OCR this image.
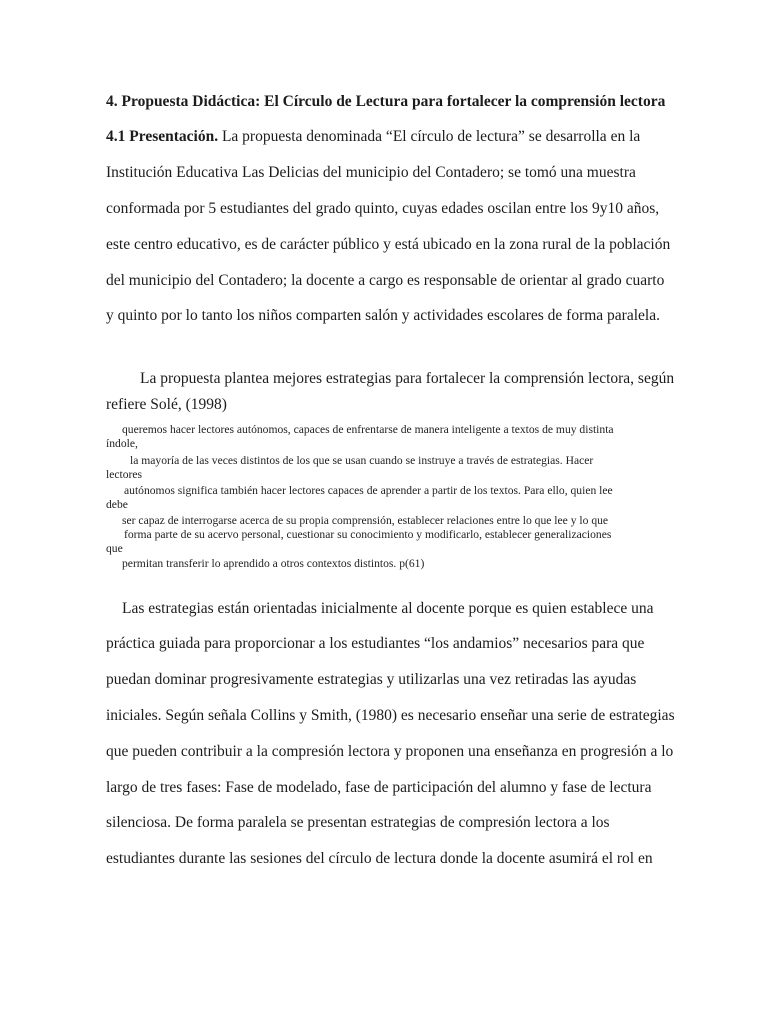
4. Propuesta Didáctica: El Círculo de Lectura para fortalecer la comprensión lectora
4.1 Presentación. La propuesta denominada “El círculo de lectura” se desarrolla en la
Institución Educativa Las Delicias del municipio del Contadero; se tomó una muestra
conformada por 5 estudiantes del grado quinto, cuyas edades oscilan entre los 9y10 años,
este centro educativo, es de carácter público y está ubicado en la zona rural de la población
del municipio del Contadero; la docente a cargo es responsable de orientar al grado cuarto
y quinto por lo tanto los niños comparten salón y actividades escolares de forma paralela.
La propuesta plantea mejores estrategias para fortalecer la comprensión lectora, según
refiere Solé, (1998)
queremos hacer lectores autónomos, capaces de enfrentarse de manera inteligente a textos de muy distinta
índole,
la mayoría de las veces distintos de los que se usan cuando se instruye a través de estrategias. Hacer
lectores
autónomos significa también hacer lectores capaces de aprender a partir de los textos. Para ello, quien lee
debe
ser capaz de interrogarse acerca de su propia comprensión, establecer relaciones entre lo que lee y lo que
forma parte de su acervo personal, cuestionar su conocimiento y modificarlo, establecer generalizaciones
que
permitan transferir lo aprendido a otros contextos distintos. p(61)
Las estrategias están orientadas inicialmente al docente porque es quien establece una
práctica guiada para proporcionar a los estudiantes “los andamios” necesarios para que
puedan dominar progresivamente estrategias y utilizarlas una vez retiradas las ayudas
iniciales. Según señala Collins y Smith, (1980) es necesario enseñar una serie de estrategias
que pueden contribuir a la compresión lectora y proponen una enseñanza en progresión a lo
largo de tres fases: Fase de modelado, fase de participación del alumno y fase de lectura
silenciosa. De forma paralela se presentan estrategias de compresión lectora a los
estudiantes durante las sesiones del círculo de lectura donde la docente asumirá el rol en
